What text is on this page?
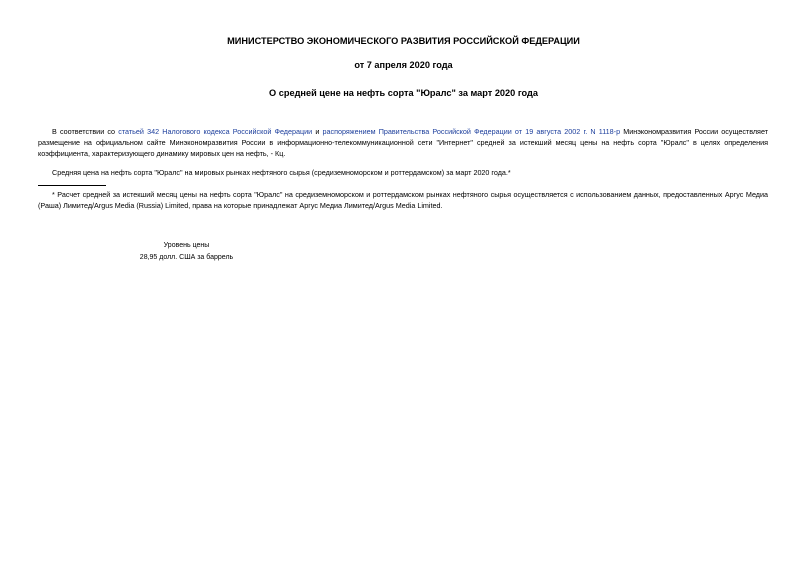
МИНИСТЕРСТВО ЭКОНОМИЧЕСКОГО РАЗВИТИЯ РОССИЙСКОЙ ФЕДЕРАЦИИ
от 7 апреля 2020 года
О средней цене на нефть сорта "Юралс" за март 2020 года
В соответствии со статьей 342 Налогового кодекса Российской Федерации и распоряжением Правительства Российской Федерации от 19 августа 2002 г. N 1118-р Минэкономразвития России осуществляет размещение на официальном сайте Минэкономразвития России в информационно-телекоммуникационной сети "Интернет" средней за истекший месяц цены на нефть сорта "Юралс" в целях определения коэффициента, характеризующего динамику мировых цен на нефть, - Кц.
Средняя цена на нефть сорта "Юралс" на мировых рынках нефтяного сырья (средиземноморском и роттердамском) за март 2020 года.*
* Расчет средней за истекший месяц цены на нефть сорта "Юралс" на средиземноморском и роттердамском рынках нефтяного сырья осуществляется с использованием данных, предоставленных Аргус Медиа (Раша) Лимитед/Argus Media (Russia) Limited, права на которые принадлежат Аргус Медиа Лимитед/Argus Media Limited.
Уровень цены
28,95 долл. США за баррель
